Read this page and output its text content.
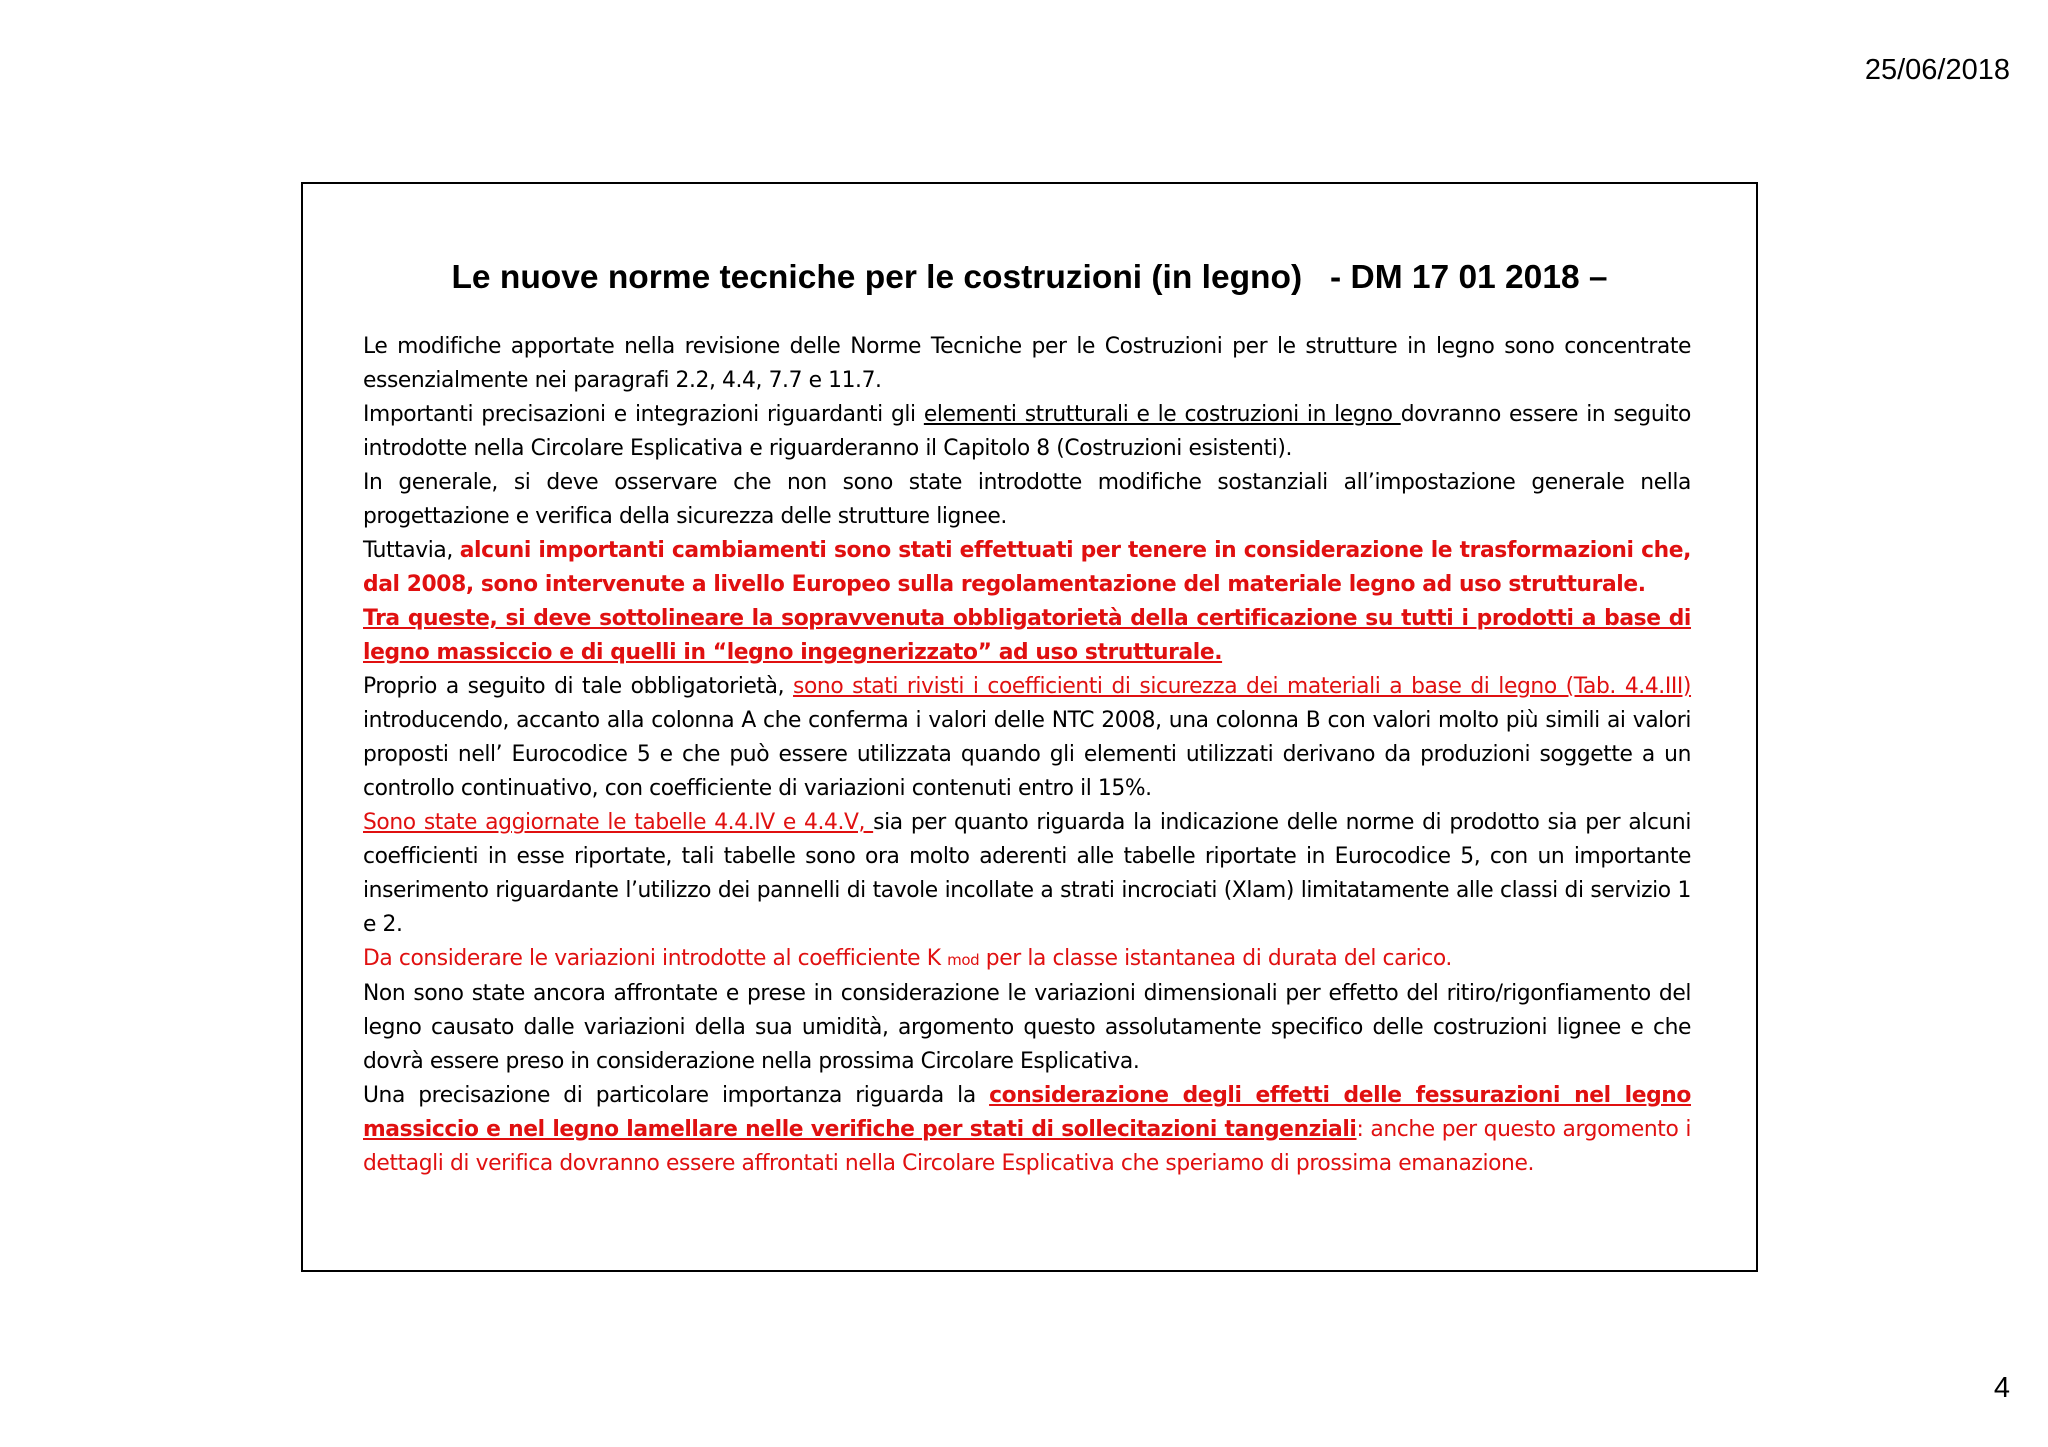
25/06/2018
Le nuove norme tecniche per le costruzioni (in legno)   - DM 17 01 2018 –

Le modifiche apportate nella revisione delle Norme Tecniche per le Costruzioni per le strutture in legno sono concentrate essenzialmente nei paragrafi 2.2, 4.4, 7.7 e 11.7.

Importanti precisazioni e integrazioni riguardanti gli elementi strutturali e le costruzioni in legno dovranno essere in seguito introdotte nella Circolare Esplicativa e riguarderanno il Capitolo 8 (Costruzioni esistenti).

In generale, si deve osservare che non sono state introdotte modifiche sostanziali all’impostazione generale nella progettazione e verifica della sicurezza delle strutture lignee.

Tuttavia, alcuni importanti cambiamenti sono stati effettuati per tenere in considerazione le trasformazioni che, dal 2008, sono intervenute a livello Europeo sulla regolamentazione del materiale legno ad uso strutturale.

Tra queste, si deve sottolineare la sopravvenuta obbligatorietà della certificazione su tutti i prodotti a base di legno massiccio e di quelli in “legno ingegnerizzato” ad uso strutturale.

Proprio a seguito di tale obbligatorietà, sono stati rivisti i coefficienti di sicurezza dei materiali a base di legno (Tab. 4.4.III) introducendo, accanto alla colonna A che conferma i valori delle NTC 2008, una colonna B con valori molto più simili ai valori proposti nell’ Eurocodice 5 e che può essere utilizzata quando gli elementi utilizzati derivano da produzioni soggette a un controllo continuativo, con coefficiente di variazioni contenuti entro il 15%.

Sono state aggiornate le tabelle 4.4.IV e 4.4.V, sia per quanto riguarda la indicazione delle norme di prodotto sia per alcuni coefficienti in esse riportate, tali tabelle sono ora molto aderenti alle tabelle riportate in Eurocodice 5, con un importante inserimento riguardante l’utilizzo dei pannelli di tavole incollate a strati incrociati (Xlam) limitatamente alle classi di servizio 1 e 2.

Da considerare le variazioni introdotte al coefficiente K mod per la classe istantanea di durata del carico.

Non sono state ancora affrontate e prese in considerazione le variazioni dimensionali per effetto del ritiro/rigonfiamento del legno causato dalle variazioni della sua umidità, argomento questo assolutamente specifico delle costruzioni lignee e che dovrà essere preso in considerazione nella prossima Circolare Esplicativa.

Una precisazione di particolare importanza riguarda la considerazione degli effetti delle fessurazioni nel legno massiccio e nel legno lamellare nelle verifiche per stati di sollecitazioni tangenziali: anche per questo argomento i dettagli di verifica dovranno essere affrontati nella Circolare Esplicativa che speriamo di prossima emanazione.

4
